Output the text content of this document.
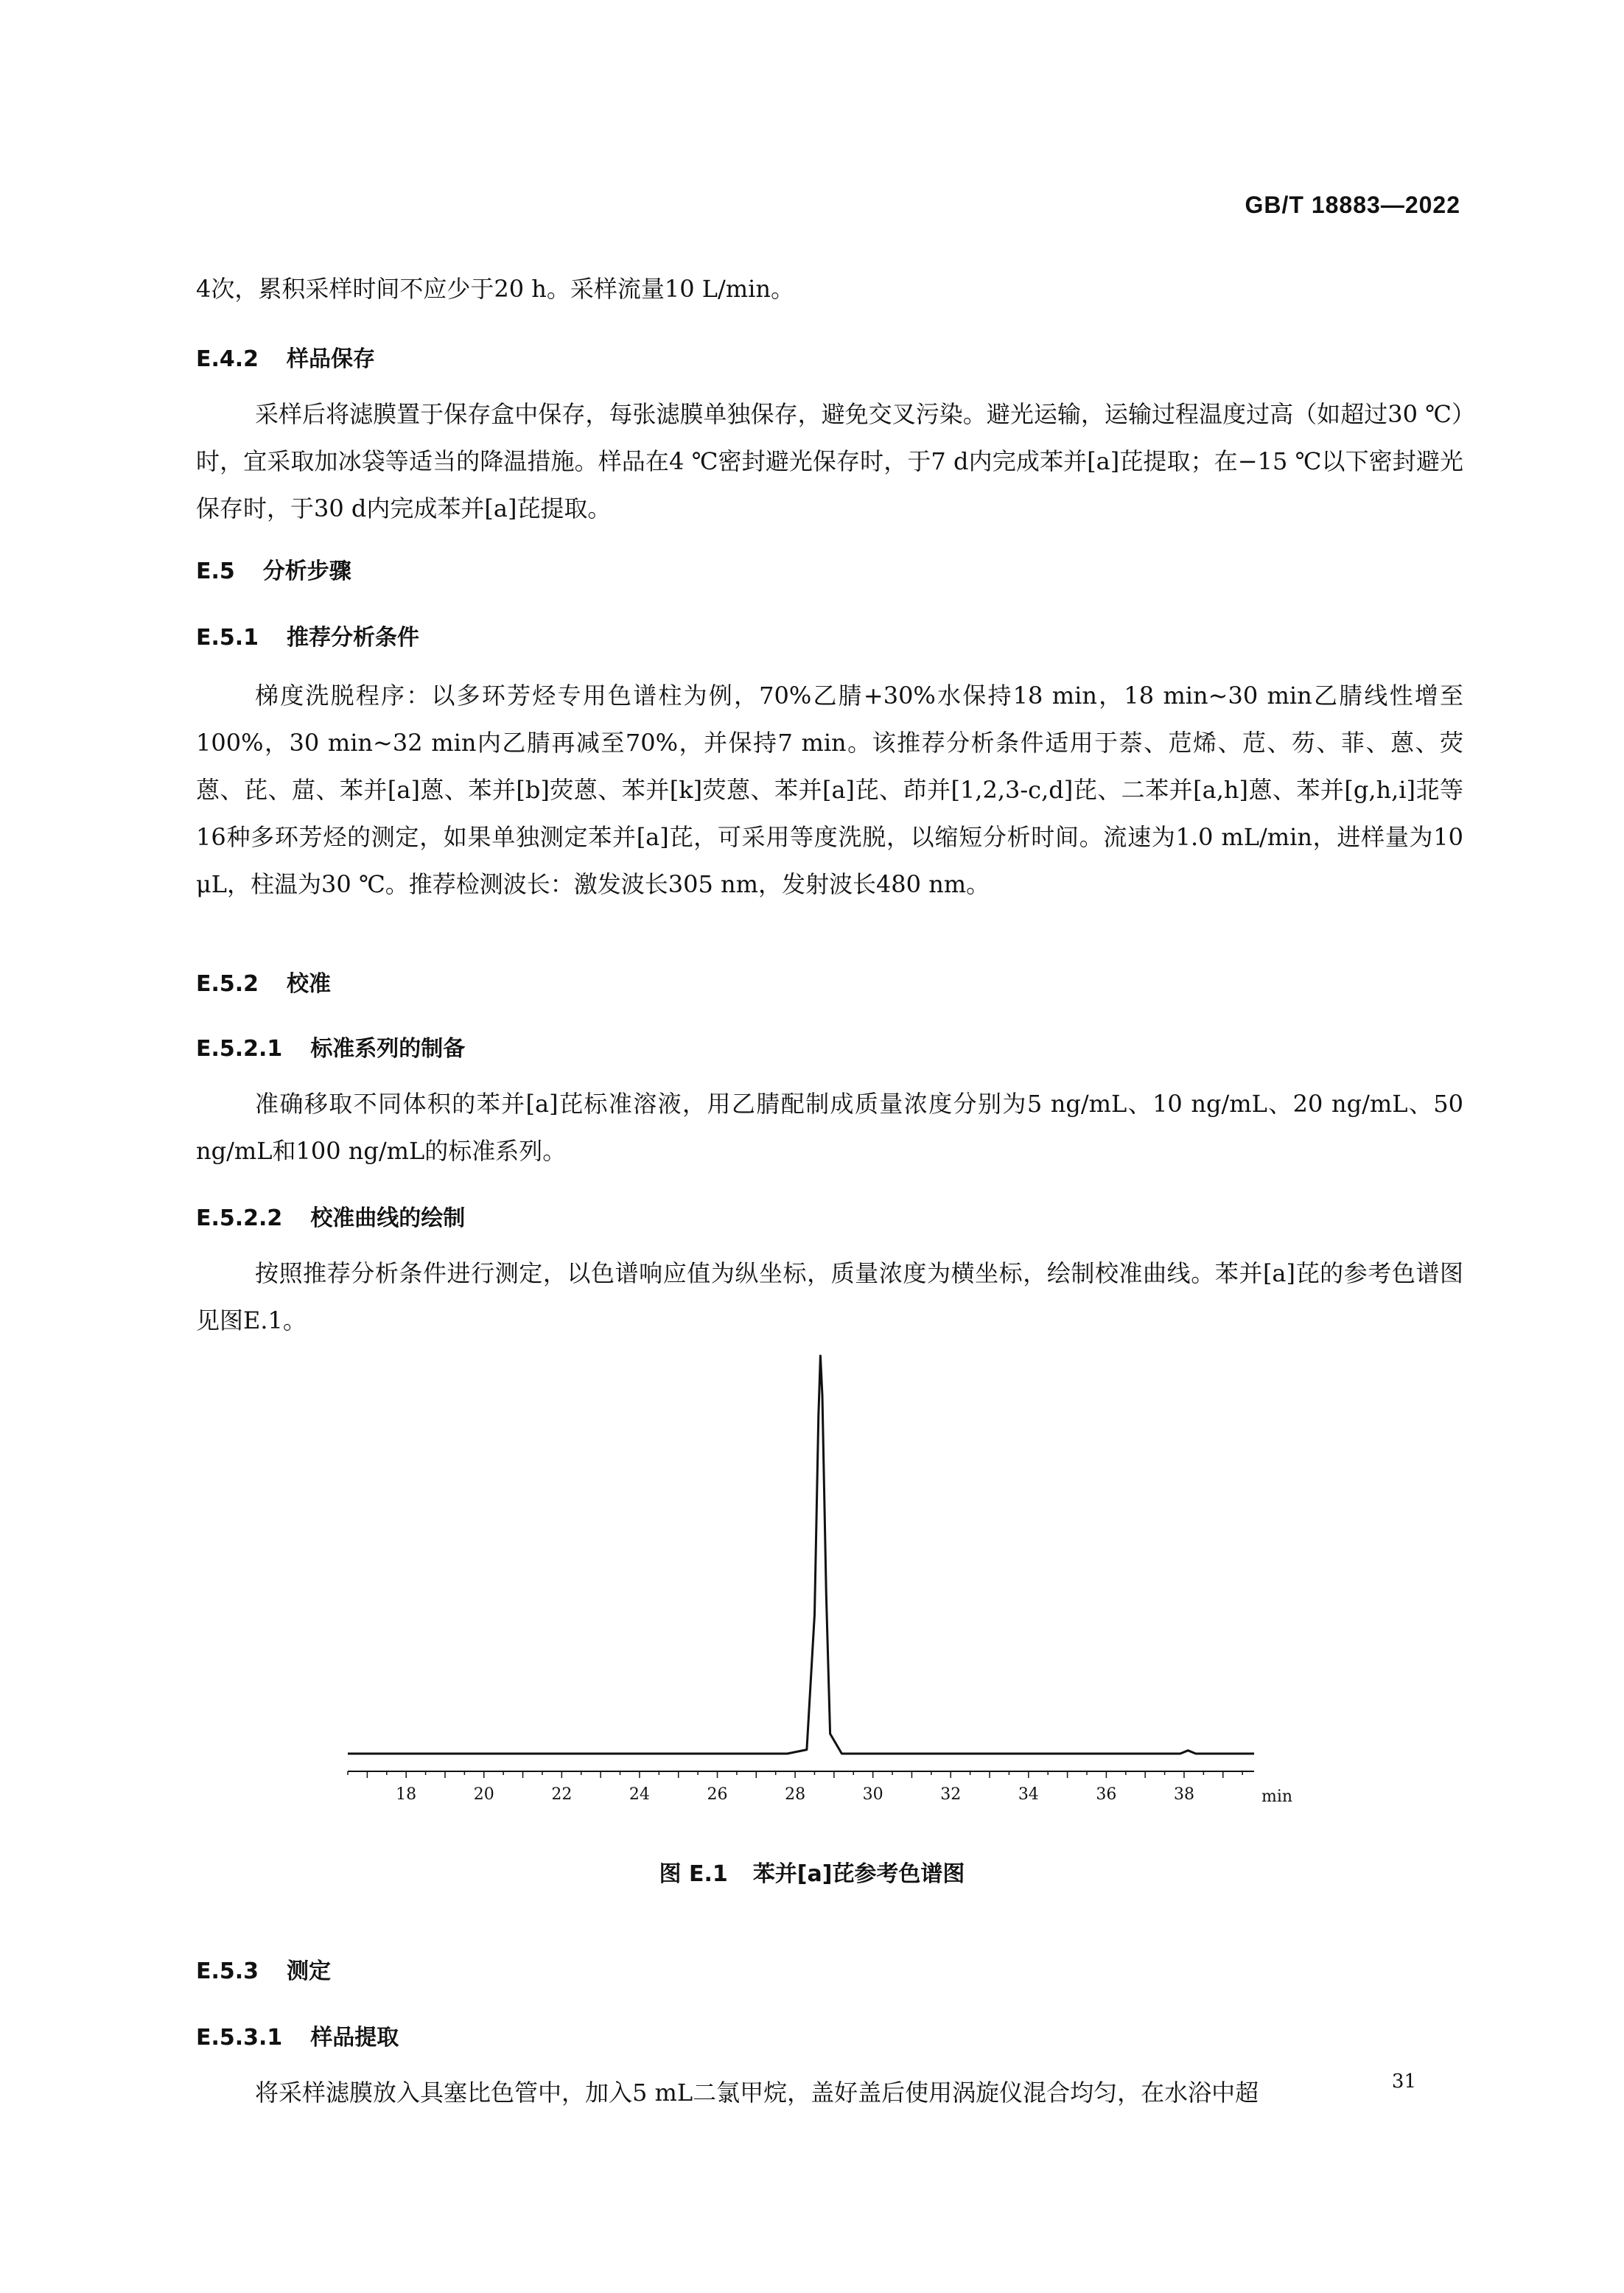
GB/T 18883—2022
4次，累积采样时间不应少于20 h。采样流量10 L/min。
E.4.2 样品保存
采样后将滤膜置于保存盒中保存，每张滤膜单独保存，避免交叉污染。避光运输，运输过程温度过高（如超过30 ℃）时，宜采取加冰袋等适当的降温措施。样品在4 ℃密封避光保存时，于7 d内完成苯并[a]芘提取；在−15 ℃以下密封避光保存时，于30 d内完成苯并[a]芘提取。
E.5 分析步骤
E.5.1 推荐分析条件
梯度洗脱程序：以多环芳烃专用色谱柱为例，70%乙腈+30%水保持18 min，18 min~30 min乙腈线性增至100%，30 min~32 min内乙腈再减至70%，并保持7 min。该推荐分析条件适用于萘、苊烯、苊、芴、菲、蒽、荧蒽、芘、䓛、苯并[a]蒽、苯并[b]荧蒽、苯并[k]荧蒽、苯并[a]芘、茚并[1,2,3-c,d]芘、二苯并[a,h]蒽、苯并[g,h,i]苝等16种多环芳烃的测定，如果单独测定苯并[a]芘，可采用等度洗脱，以缩短分析时间。流速为1.0 mL/min，进样量为10 μL，柱温为30 ℃。推荐检测波长：激发波长305 nm，发射波长480 nm。
E.5.2 校准
E.5.2.1 标准系列的制备
准确移取不同体积的苯并[a]芘标准溶液，用乙腈配制成质量浓度分别为5 ng/mL、10 ng/mL、20 ng/mL、50 ng/mL和100 ng/mL的标准系列。
E.5.2.2 校准曲线的绘制
按照推荐分析条件进行测定，以色谱响应值为纵坐标，质量浓度为横坐标，绘制校准曲线。苯并[a]芘的参考色谱图见图E.1。
18	20	22	24	26	28	30	32	34	36	38	min
图 E.1 苯并[a]芘参考色谱图
E.5.3 测定
E.5.3.1 样品提取
将采样滤膜放入具塞比色管中，加入5 mL二氯甲烷，盖好盖后使用涡旋仪混合均匀，在水浴中超	31
